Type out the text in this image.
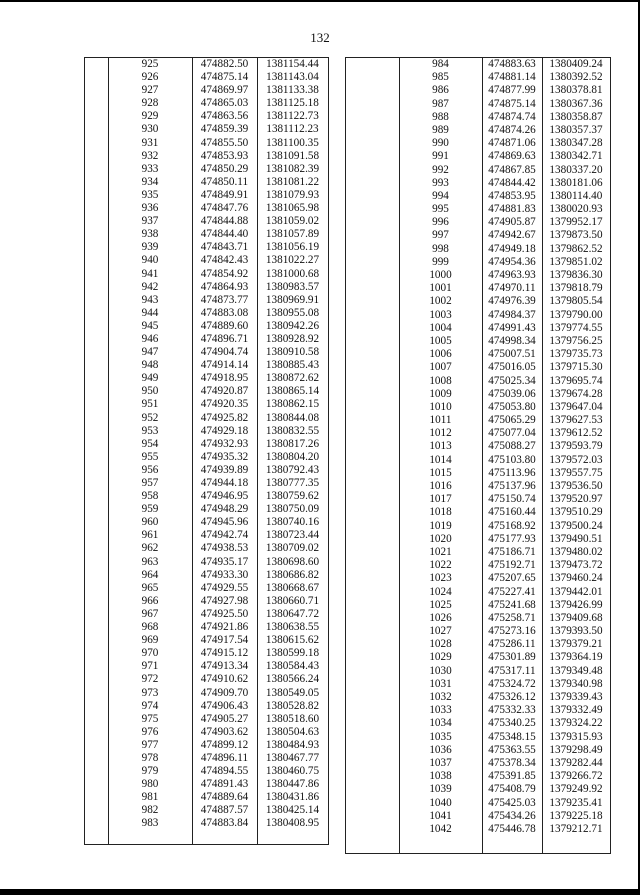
132
925	474882.50	1381154.44
926	474875.14	1381143.04
927	474869.97	1381133.38
928	474865.03	1381125.18
929	474863.56	1381122.73
930	474859.39	1381112.23
931	474855.50	1381100.35
932	474853.93	1381091.58
933	474850.29	1381082.39
934	474850.11	1381081.22
935	474849.91	1381079.93
936	474847.76	1381065.98
937	474844.88	1381059.02
938	474844.40	1381057.89
939	474843.71	1381056.19
940	474842.43	1381022.27
941	474854.92	1381000.68
942	474864.93	1380983.57
943	474873.77	1380969.91
944	474883.08	1380955.08
945	474889.60	1380942.26
946	474896.71	1380928.92
947	474904.74	1380910.58
948	474914.14	1380885.43
949	474918.95	1380872.62
950	474920.87	1380865.14
951	474920.35	1380862.15
952	474925.82	1380844.08
953	474929.18	1380832.55
954	474932.93	1380817.26
955	474935.32	1380804.20
956	474939.89	1380792.43
957	474944.18	1380777.35
958	474946.95	1380759.62
959	474948.29	1380750.09
960	474945.96	1380740.16
961	474942.74	1380723.44
962	474938.53	1380709.02
963	474935.17	1380698.60
964	474933.30	1380686.82
965	474929.55	1380668.67
966	474927.98	1380660.71
967	474925.50	1380647.72
968	474921.86	1380638.55
969	474917.54	1380615.62
970	474915.12	1380599.18
971	474913.34	1380584.43
972	474910.62	1380566.24
973	474909.70	1380549.05
974	474906.43	1380528.82
975	474905.27	1380518.60
976	474903.62	1380504.63
977	474899.12	1380484.93
978	474896.11	1380467.77
979	474894.55	1380460.75
980	474891.43	1380447.86
981	474889.64	1380431.86
982	474887.57	1380425.14
983	474883.84	1380408.95
984	474883.63	1380409.24
985	474881.14	1380392.52
986	474877.99	1380378.81
987	474875.14	1380367.36
988	474874.74	1380358.87
989	474874.26	1380357.37
990	474871.06	1380347.28
991	474869.63	1380342.71
992	474867.85	1380337.20
993	474844.42	1380181.06
994	474853.95	1380114.40
995	474881.83	1380020.93
996	474905.87	1379952.17
997	474942.67	1379873.50
998	474949.18	1379862.52
999	474954.36	1379851.02
1000	474963.93	1379836.30
1001	474970.11	1379818.79
1002	474976.39	1379805.54
1003	474984.37	1379790.00
1004	474991.43	1379774.55
1005	474998.34	1379756.25
1006	475007.51	1379735.73
1007	475016.05	1379715.30
1008	475025.34	1379695.74
1009	475039.06	1379674.28
1010	475053.80	1379647.04
1011	475065.29	1379627.53
1012	475077.04	1379612.52
1013	475088.27	1379593.79
1014	475103.80	1379572.03
1015	475113.96	1379557.75
1016	475137.96	1379536.50
1017	475150.74	1379520.97
1018	475160.44	1379510.29
1019	475168.92	1379500.24
1020	475177.93	1379490.51
1021	475186.71	1379480.02
1022	475192.71	1379473.72
1023	475207.65	1379460.24
1024	475227.41	1379442.01
1025	475241.68	1379426.99
1026	475258.71	1379409.68
1027	475273.16	1379393.50
1028	475286.11	1379379.21
1029	475301.89	1379364.19
1030	475317.11	1379349.48
1031	475324.72	1379340.98
1032	475326.12	1379339.43
1033	475332.33	1379332.49
1034	475340.25	1379324.22
1035	475348.15	1379315.93
1036	475363.55	1379298.49
1037	475378.34	1379282.44
1038	475391.85	1379266.72
1039	475408.79	1379249.92
1040	475425.03	1379235.41
1041	475434.26	1379225.18
1042	475446.78	1379212.71
